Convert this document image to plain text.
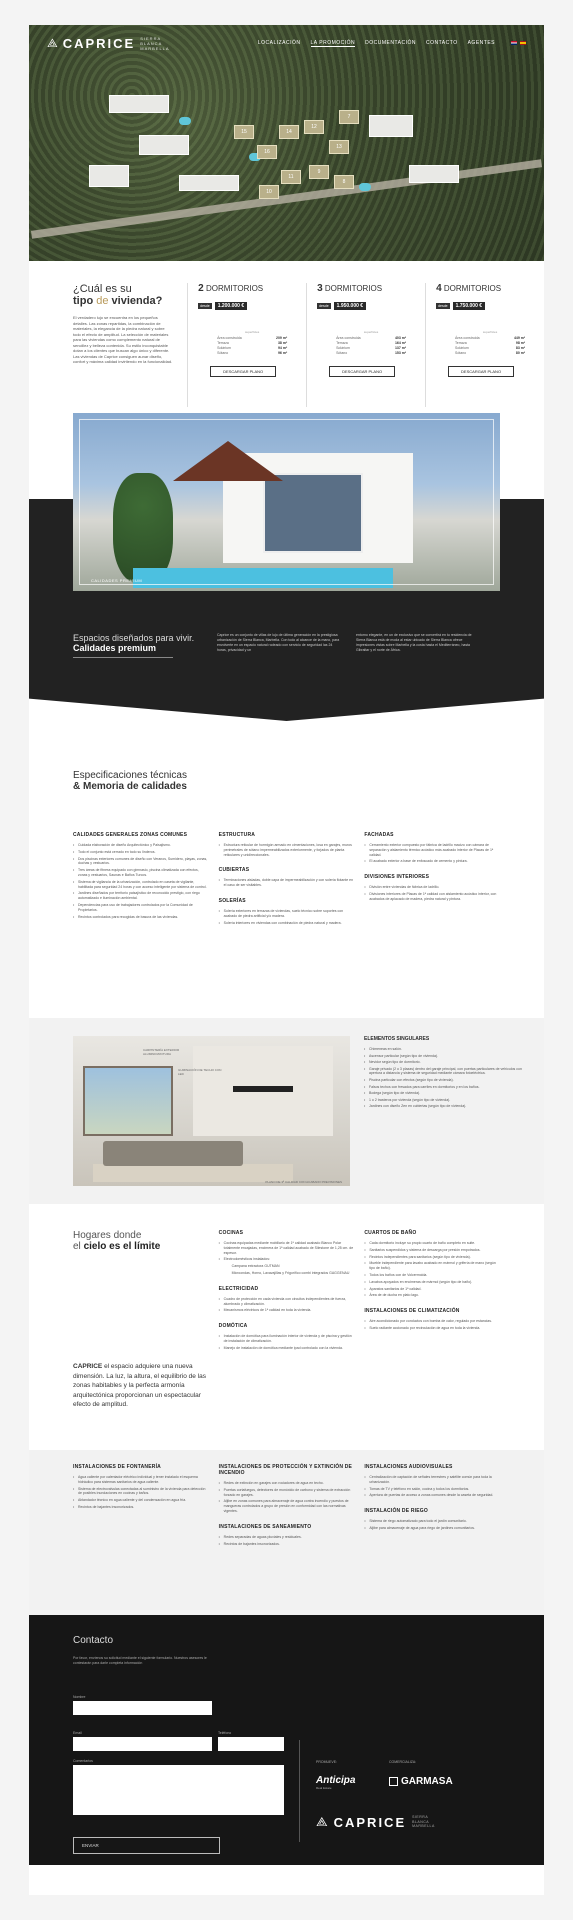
15
16
14
12
13
11
10
9
8
7
⟁ CAPRICE SIERRA BLANCA MARBELLA
LOCALIZACIÓN LA PROMOCIÓN DOCUMENTACIÓN CONTACTO AGENTES
¿Cuál es su
tipo de vivienda?

El verdadero lujo se encuentra en los pequeños detalles. Las zonas repartidas, la combinación de materiales, la elegancia de la piedra natural y sobre todo el efecto de amplitud. La selección de materiales para las viviendas como complemento natural de sencillez y belleza contenida. Su estilo inconquistable dotan a los clientes que buscan algo único y diferente. Las viviendas de Caprice consiguen aunar diseño, confort y máxima calidad invirtiendo en la funcionalidad.

2 DORMITORIOS
desde	1.200.000 €
superficies
Área construida	209 m²
Terraza	38 m²
Solárium	94 m²
Sótano	96 m²
DESCARGAR PLANO
3 DORMITORIOS
desde	1.950.000 €
superficies
Área construida	403 m²
Terraza	164 m²
Solárium	137 m²
Sótano	153 m²
DESCARGAR PLANO
4 DORMITORIOS
desde	1.750.000 €
superficies
Área construida	449 m²
Terraza	98 m²
Solárium	83 m²
Sótano	80 m²
DESCARGAR PLANO
CALIDADES PREMIUM
Espacios diseñados para vivir.
Calidades premium

Caprice es un conjunto de villas de lujo de última generación en la prestigiosa urbanización de Sierra Blanca, Marbella. Con todo al alcance de la mano, para envolverte en un espacio natural rodeado con servicio de seguridad las 24 horas, privacidad y un

entorno elegante, en un de exclusivo que se convertirá en tu residencia de Sierra Blanca está de moda al estar ubicado de Sierra Blanca ofrece impresiones vistas sobre Marbella y la costa hasta el Mediterráneo, hasta Gibraltar y el norte de África.

Especificaciones técnicas
& Memoria de calidades
CALIDADES GENERALES ZONAS COMUNES
• Cuidada elaboración de diseño Arquitectónico y Paisajismo.
• Todo el conjunto está cerrado en todo su linderos.
• Dos piscinas exteriores comunes de diseño con Veranos, Sumidero, playas, zonas, duchas y vestuarios.
• Tres áreas de fitness equipado con gimnasio, piscina climatizada con efectos, zonas y vestuarios, Saunas e Baños Turcos.
• Sistema de vigilancia de la urbanización, controlado en caseta de vigilante, habilitada para seguridad 24 horas y con acceso inteligente por sistema de control.
• Jardines diseñados por territorio paisajístico de reconocido prestigio, con riego automatizado e iluminación ambiental.
• Dependencias para uso de trabajadores controlados por la Comunidad de Propietarios.
• Recintos controlados para recogidas de basura de las viviendas.
ESTRUCTURA
• Estructura reticular de hormigón armado en cimentaciones, losa en garajes, muros perimetrales de sótano impermeabilizados exteriormente, y forjados de planta reticulares y unidireccionales.
CUBIERTAS
• Terminaciones aisladas, doble capa de impermeabilización y con solería flotante en el caso de ser visitables.
SOLERÍAS
• Solería exteriores en terrazas de viviendas, suelo técnico sobre soportes con acabado de piedra artificial y/o madera.
• Solería interiores en viviendas con combinación de piedra natural y madera.
FACHADAS
• Cerramiento exterior compuesto por fábrica de ladrillo macizo con cámara de separación y aislamiento térmico acústico más acabado interior de Placas de 1ª calidad.
• El acabado exterior a base de enfoscado de cemento y pintura.
DIVISIONES INTERIORES
• División entre viviendas de fábrica de ladrillo.
• Divisiones interiores de Placas de 1ª calidad con aislamiento acústico interior, con acabados de aplacado de madera, piedra natural y pintura.
CARPINTERÍA EXTERIOR ALUMINIO/ROTURA
ILUMINACIÓN DE TECHO CON LED
PLANO DE 3ª CALIDAD CON ACABADO PREVISIONES
ELEMENTOS SINGULARES
• Chimeneas en salón.
• Ascensor particular (según tipo de vivienda).
• Nevidor según tipo de dormitorio.
• Garaje privado (2 o 3 plazas) dentro del garaje principal, con puertas particulares de vehículos con apertura a distancia y sistema de seguridad mediante cámara fotoeléctrica.
• Piscina particular con efectos (según tipo de vivienda).
• Falsos techos con fresados para carriles en dormitorios y en los baños.
• Bodega (según tipo de vivienda).
• 1 o 2 trasteros por vivienda (según tipo de vivienda).
• Jardines con diseño Zen en cubiertas (según tipo de vivienda).
Hogares donde
el cielo es el límite

CAPRICE el espacio adquiere una nueva dimensión. La luz, la altura, el equilibrio de las zonas habitables y la perfecta armonía arquitectónica proporcionan un espectacular efecto de amplitud.

COCINAS
• Cocinas equipadas mediante mobiliario de 1ª calidad acabado Blanco Polar totalmente encajadas, encimera de 1ª calidad acabado de Silestone de 1,25 cm. de espesor.
• Electrodomésticos instalados:
Campana extractora GUTMAN
Microondas, Horno, Lavavajillas y Frigorífico combi integrados GAGGENAU
ELECTRICIDAD
• Cuadro de protección en cada vivienda con circuitos independientes de fuerza, alumbrado y climatización.
• Mecanismos eléctricos de 1ª calidad en toda la vivienda.
DOMÓTICA
• Instalación de domótica para iluminación interior de vivienda y de piscina y gestión de instalación de climatización.
• Manejo de instalación de domótica mediante ipad controlado con la vivienda.
CUARTOS DE BAÑO
• Cada dormitorio incluye su propio cuarto de baño completo en suite.
• Sanitarios suspendidos y sistema de descarga por presión empotrados.
• Recintos independientes para sanitarios (según tipo de vivienda).
• Mueble independiente para lavabo acabado en mármol y grifería de mano (según tipo de baño).
• Todos los baños con de Volcermoida.
• Lavabos apoyados en encimeras de mármol (según tipo de baño).
• Aparatos sanitarios de 1ª calidad.
• Área de de ducha en plato lago.
INSTALACIONES DE CLIMATIZACIÓN
• Aire acondicionado por conductos con bomba de calor, regulado por estancias.
• Suelo radiante accionado por recirculación de agua en toda la vivienda.
INSTALACIONES DE FONTANERÍA
• Agua caliente por calentador eléctrico individual y tener instalado el esquema hidráulico para sistemas sanitarios de agua caliente.
• Sistema de electrovalvulas conectadas al suministro de la vivienda para detección de posibles inundaciones en cocinas y baños.
• Ablandador técnico en agua caliente y del condensación en agua fría.
• Recintos de bajantes insonorizados.
INSTALACIONES DE PROTECCIÓN Y EXTINCIÓN DE INCENDIO
• Redes de extinción en garajes con rociadores de agua en techo.
• Puertas cortafuegos, detectores de monóxido de carbono y sistema de extracción forzado en garajes.
• Aljibe en zonas comunes para almacenaje de agua contra incendio y puestos de mangueras controlados a grupo de presión en conformidad con las normativas vigentes.
INSTALACIONES DE SANEAMIENTO
• Redes separadas de aguas pluviales y residuales.
• Recintos de bajantes insonorizados.
INSTALACIONES AUDIOVISUALES
• Centralización de captación de señales terrestres y satélite común para toda la urbanización.
• Tomas de TV y teléfono en salón, cocina y todos los dormitorios.
• Apertura de puertas de acceso a zonas comunes desde la caseta de seguridad.
INSTALACIÓN DE RIEGO
• Sistema de riego automatizado para todo el jardín comunitario.
• Aljibe para almacenaje de agua para riego de jardines comunitarios.
Contacto

Por favor, envíenos su solicitud mediante el siguiente formulario. Nuestros asesores le contestarán para darle completa información

Nombre
Email	Teléfono
Comentarios
ENVIAR
PROMUEVE:	COMERCIALIZA:
Anticipa
Real Estate
GARMASA
⟁ CAPRICE SIERRA BLANCA MARBELLA
